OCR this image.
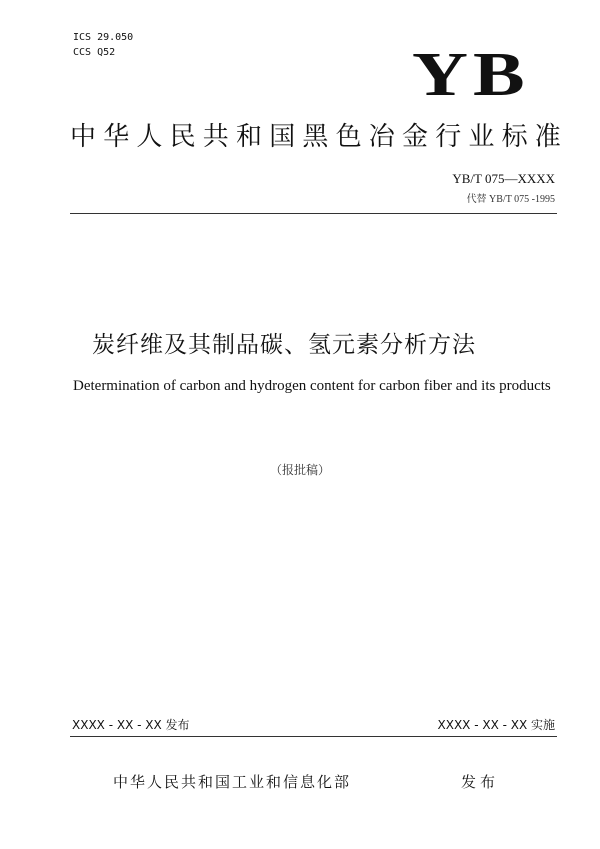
ICS 29.050
CCS Q52	YB
中华人民共和国黑色冶金行业标准
YB/T 075—XXXX
代替 YB/T 075 -1995
炭纤维及其制品碳、氢元素分析方法
Determination of carbon and hydrogen content for carbon fiber and its products
（报批稿）
XXXX - XX - XX 发布	XXXX - XX - XX 实施
中华人民共和国工业和信息化部	发布
